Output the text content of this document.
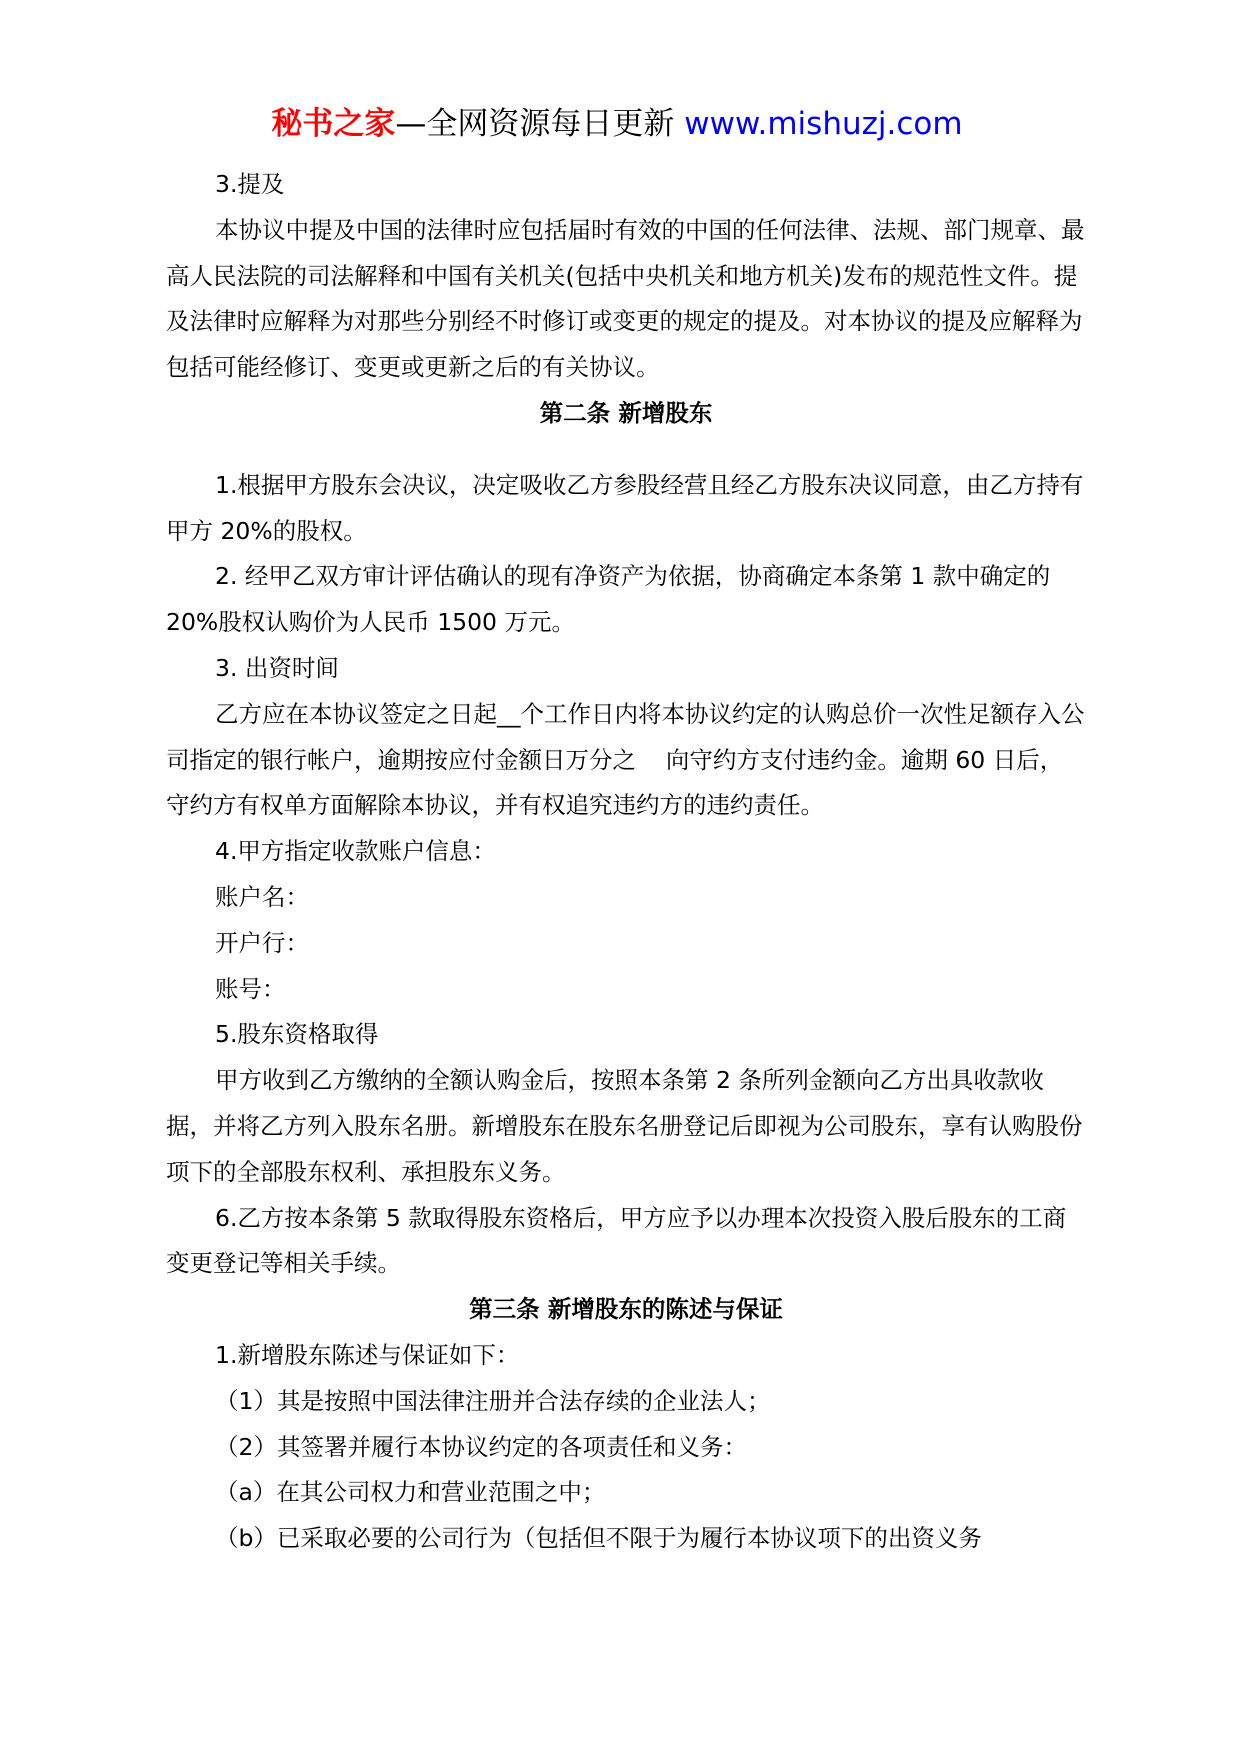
秘书之家—全网资源每日更新 www.mishuzj.com

3.提及

本协议中提及中国的法律时应包括届时有效的中国的任何法律、法规、部门规章、最高人民法院的司法解释和中国有关机关(包括中央机关和地方机关)发布的规范性文件。提及法律时应解释为对那些分别经不时修订或变更的规定的提及。对本协议的提及应解释为包括可能经修订、变更或更新之后的有关协议。

第二条 新增股东

1.根据甲方股东会决议，决定吸收乙方参股经营且经乙方股东决议同意，由乙方持有甲方 20%的股权。

2. 经甲乙双方审计评估确认的现有净资产为依据，协商确定本条第 1 款中确定的 20%股权认购价为人民币 1500 万元。

3. 出资时间

乙方应在本协议签定之日起__个工作日内将本协议约定的认购总价一次性足额存入公司指定的银行帐户，逾期按应付金额日万分之    向守约方支付违约金。逾期 60 日后，守约方有权单方面解除本协议，并有权追究违约方的违约责任。

4.甲方指定收款账户信息：

账户名：

开户行：

账号：

5.股东资格取得

甲方收到乙方缴纳的全额认购金后，按照本条第 2 条所列金额向乙方出具收款收据，并将乙方列入股东名册。新增股东在股东名册登记后即视为公司股东，享有认购股份项下的全部股东权利、承担股东义务。

6.乙方按本条第 5 款取得股东资格后，甲方应予以办理本次投资入股后股东的工商变更登记等相关手续。

第三条 新增股东的陈述与保证

1.新增股东陈述与保证如下：

（1）其是按照中国法律注册并合法存续的企业法人；

（2）其签署并履行本协议约定的各项责任和义务：

（a）在其公司权力和营业范围之中；

（b）已采取必要的公司行为（包括但不限于为履行本协议项下的出资义务
